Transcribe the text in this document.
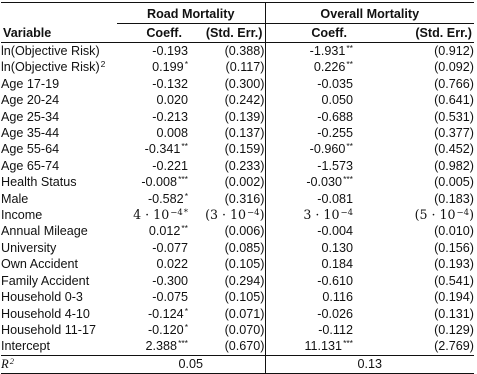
	Road Mortality		Overall Mortality	
Variable	Coeff.	(Std. Err.)	Coeff.	(Std. Err.)
ln(Objective Risk)	-0.193	(0.388)	-1.931**	(0.912)
ln(Objective Risk)$^2$	0.199*	(0.117)	0.226**	(0.092)
Age 17-19	-0.132	(0.300)	-0.035	(0.766)
Age 20-24	0.020	(0.242)	0.050	(0.641)
Age 25-34	-0.213	(0.139)	-0.688	(0.531)
Age 35-44	0.008	(0.137)	-0.255	(0.377)
Age 55-64	-0.341**	(0.159)	-0.960**	(0.452)
Age 65-74	-0.221	(0.233)	-1.573	(0.982)
Health Status	-0.008***	(0.002)	-0.030***	(0.005)
Male	-0.582*	(0.316)	-0.081	(0.183)
Income	$4 \cdot 10^{-4*}$	$(3 \cdot 10^{-4})$	$3 \cdot 10^{-4}$	$(5 \cdot 10^{-4})$
Annual Mileage	0.012**	(0.006)	-0.004	(0.010)
University	-0.077	(0.085)	0.130	(0.156)
Own Accident	0.022	(0.105)	0.184	(0.193)
Family Accident	-0.300	(0.294)	-0.610	(0.541)
Household 0-3	-0.075	(0.105)	0.116	(0.194)
Household 4-10	-0.124*	(0.071)	-0.026	(0.131)
Household 11-17	-0.120*	(0.070)	-0.112	(0.129)
Intercept	2.388***	(0.670)	11.131***	(2.769)
$R^2$	0.05		0.13	
